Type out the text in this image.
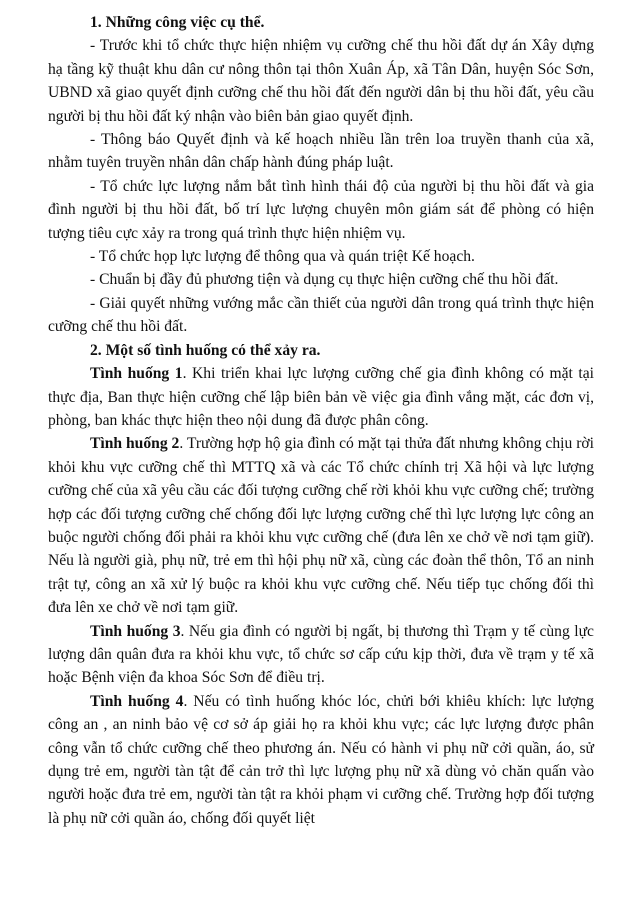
1. Những công việc cụ thể.

- Trước khi tổ chức thực hiện nhiệm vụ cưỡng chế thu hồi đất dự án Xây dựng hạ tầng kỹ thuật khu dân cư nông thôn tại thôn Xuân Áp, xã Tân Dân, huyện Sóc Sơn, UBND xã giao quyết định cưỡng chế thu hồi đất đến người dân bị thu hồi đất, yêu cầu người bị thu hồi đất ký nhận vào biên bản giao quyết định.

- Thông báo Quyết định và kế hoạch nhiều lần trên loa truyền thanh của xã, nhằm tuyên truyền nhân dân chấp hành đúng pháp luật.

- Tổ chức lực lượng nắm bắt tình hình thái độ của người bị thu hồi đất và gia đình người bị thu hồi đất, bố trí lực lượng chuyên môn giám sát để phòng có hiện tượng tiêu cực xảy ra trong quá trình thực hiện nhiệm vụ.

- Tổ chức họp lực lượng để thông qua và quán triệt Kế hoạch.

- Chuẩn bị đầy đủ phương tiện và dụng cụ thực hiện cưỡng chế thu hồi đất.

- Giải quyết những vướng mắc cần thiết của người dân trong quá trình thực hiện cưỡng chế thu hồi đất.

2. Một số tình huống có thể xảy ra.

Tình huống 1. Khi triển khai lực lượng cưỡng chế gia đình không có mặt tại thực địa, Ban thực hiện cưỡng chế lập biên bản về việc gia đình vắng mặt, các đơn vị, phòng, ban khác thực hiện theo nội dung đã được phân công.

Tình huống 2. Trường hợp hộ gia đình có mặt tại thửa đất nhưng không chịu rời khỏi khu vực cưỡng chế thì MTTQ xã và các Tổ chức chính trị Xã hội và lực lượng cưỡng chế của xã yêu cầu các đối tượng cưỡng chế rời khỏi khu vực cưỡng chế; trường hợp các đối tượng cưỡng chế chống đối lực lượng cưỡng chế thì lực lượng lực công an buộc người chống đối phải ra khỏi khu vực cưỡng chế (đưa lên xe chở về nơi tạm giữ). Nếu là người già, phụ nữ, trẻ em thì hội phụ nữ xã, cùng các đoàn thể thôn, Tổ an ninh trật tự, công an xã xử lý buộc ra khỏi khu vực cưỡng chế. Nếu tiếp tục chống đối thì đưa lên xe chở về nơi tạm giữ.

Tình huống 3. Nếu gia đình có người bị ngất, bị thương thì Trạm y tế cùng lực lượng dân quân đưa ra khỏi khu vực, tổ chức sơ cấp cứu kịp thời, đưa về trạm y tế xã hoặc Bệnh viện đa khoa Sóc Sơn để điều trị.

Tình huống 4. Nếu có tình huống khóc lóc, chửi bới khiêu khích: lực lượng công an , an ninh bảo vệ cơ sở áp giải họ ra khỏi khu vực; các lực lượng được phân công vẫn tổ chức cưỡng chế theo phương án. Nếu có hành vi phụ nữ cởi quần, áo, sử dụng trẻ em, người tàn tật để cản trở thì lực lượng phụ nữ xã dùng vỏ chăn quấn vào người hoặc đưa trẻ em, người tàn tật ra khỏi phạm vi cưỡng chế. Trường hợp đối tượng là phụ nữ cởi quần áo, chống đối quyết liệt
